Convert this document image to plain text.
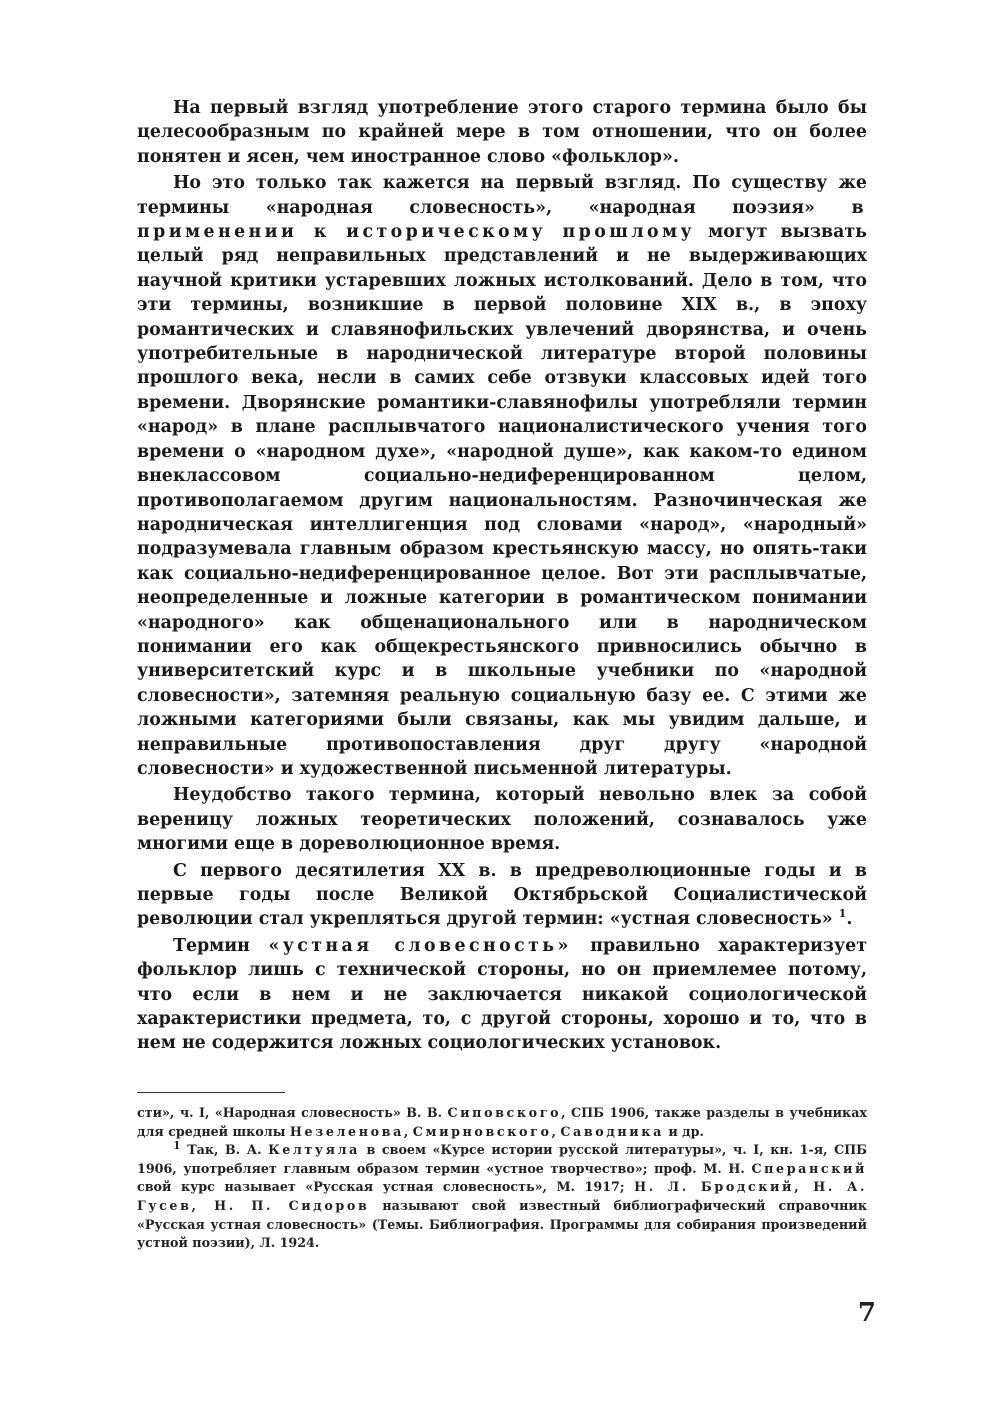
На первый взгляд употребление этого старого термина было бы целесообразным по крайней мере в том отношении, что он более понятен и ясен, чем иностранное слово «фольклор».

Но это только так кажется на первый взгляд. По существу же термины «народная словесность», «народная поэзия» в применении к историческому прошлому могут вызвать целый ряд неправильных представлений и не выдерживающих научной критики устаревших ложных истолкований. Дело в том, что эти термины, возникшие в первой половине XIX в., в эпоху романтических и славянофильских увлечений дворянства, и очень употребительные в народнической литературе второй половины прошлого века, несли в самих себе отзвуки классовых идей того времени. Дворянские романтики-славянофилы употребляли термин «народ» в плане расплывчатого националистического учения того времени о «народном духе», «народной душе», как каком-то едином внеклассовом социально-недиференцированном целом, противополагаемом другим национальностям. Разночинческая же народническая интеллигенция под словами «народ», «народный» подразумевала главным образом крестьянскую массу, но опять-таки как социально-недиференцированное целое. Вот эти расплывчатые, неопределенные и ложные категории в романтическом понимании «народного» как общенационального или в народническом понимании его как общекрестьянского привносились обычно в университетский курс и в школьные учебники по «народной словесности», затемняя реальную социальную базу ее. С этими же ложными категориями были связаны, как мы увидим дальше, и неправильные противопоставления друг другу «народной словесности» и художественной письменной литературы.

Неудобство такого термина, который невольно влек за собой вереницу ложных теоретических положений, сознавалось уже многими еще в дореволюционное время.

С первого десятилетия XX в. в предреволюционные годы и в первые годы после Великой Октябрьской Социалистической революции стал укрепляться другой термин: «устная словесность» $^1$.

Термин «устная словесность» правильно характеризует фольклор лишь с технической стороны, но он приемлемее потому, что если в нем и не заключается никакой социологической характеристики предмета, то, с другой стороны, хорошо и то, что в нем не содержится ложных социологических установок.

сти», ч. I, «Народная словесность» В. В. Сиповского, СПБ 1906, также разделы в учебниках для средней школы Незеленова, Смирновского, Саводника и др.

$^1$ Так, В. А. Келтуяла в своем «Курсе истории русской литературы», ч. I, кн. 1-я, СПБ 1906, употребляет главным образом термин «устное творчество»; проф. М. Н. Сперанский свой курс называет «Русская устная словесность», М. 1917; Н. Л. Бродский, Н. А. Гусев, Н. П. Сидоров называют свой известный библиографический справочник «Русская устная словесность» (Темы. Библиография. Программы для собирания произведений устной поэзии), Л. 1924.

7
